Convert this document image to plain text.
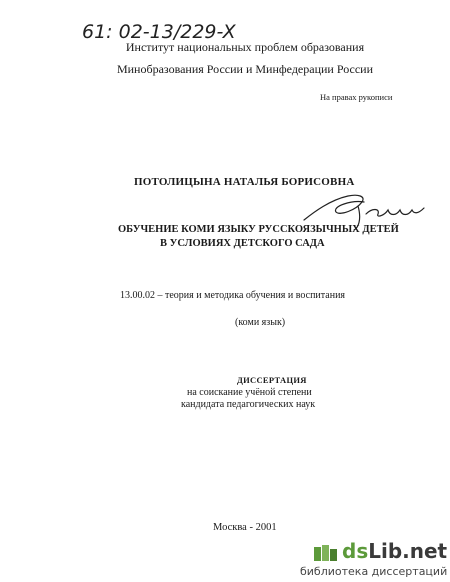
61: 02-13/229-X
Институт национальных проблем образования
Минобразования России и Минфедерации России
На правах рукописи
ПОТОЛИЦЫНА НАТАЛЬЯ БОРИСОВНА
ОБУЧЕНИЕ КОМИ ЯЗЫКУ РУССКОЯЗЫЧНЫХ ДЕТЕЙ
В УСЛОВИЯХ ДЕТСКОГО САДА
13.00.02 – теория и методика обучения и воспитания
(коми язык)
ДИССЕРТАЦИЯ
на соискание учёной степени
кандидата педагогических наук
Москва - 2001
dsLib.net
библиотека диссертаций
